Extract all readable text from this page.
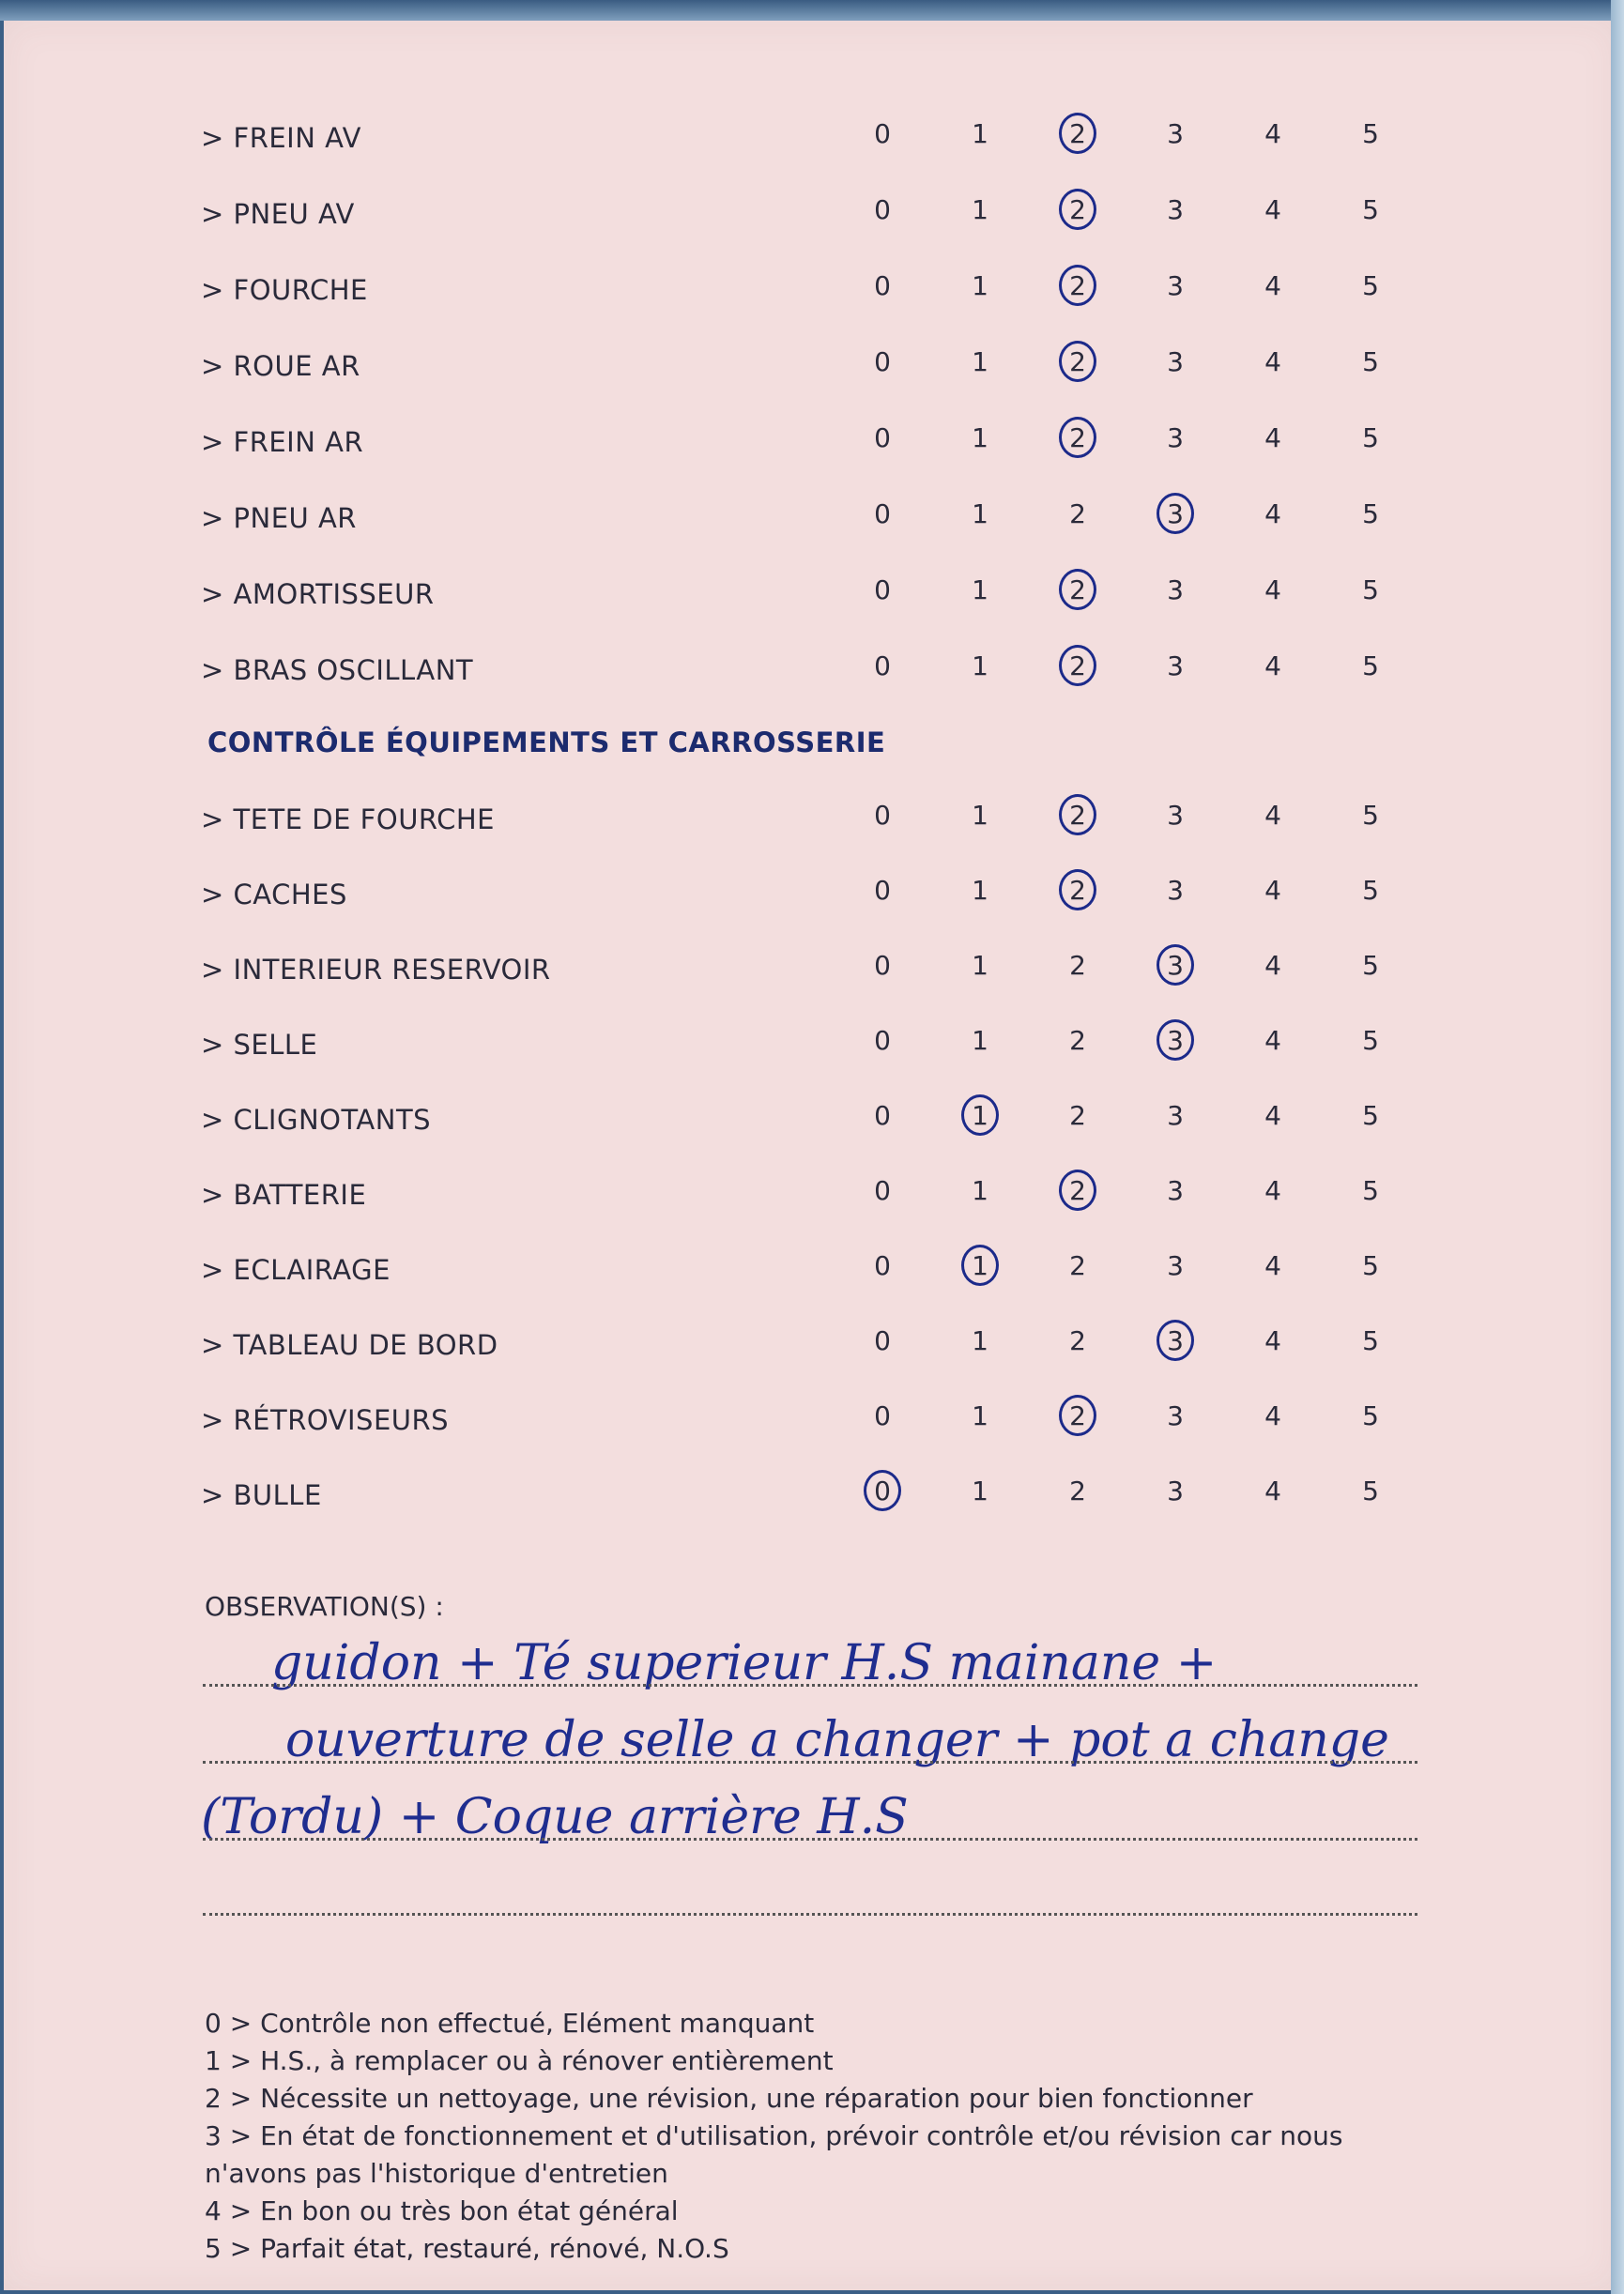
> FREIN AV	0	1	2	3	4	5
> PNEU AV	0	1	2	3	4	5
> FOURCHE	0	1	2	3	4	5
> ROUE AR	0	1	2	3	4	5
> FREIN AR	0	1	2	3	4	5
> PNEU AR	0	1	2	3	4	5
> AMORTISSEUR	0	1	2	3	4	5
> BRAS OSCILLANT	0	1	2	3	4	5
CONTRÔLE ÉQUIPEMENTS ET CARROSSERIE
> TETE DE FOURCHE	0	1	2	3	4	5
> CACHES	0	1	2	3	4	5
> INTERIEUR RESERVOIR	0	1	2	3	4	5
> SELLE	0	1	2	3	4	5
> CLIGNOTANTS	0	1	2	3	4	5
> BATTERIE	0	1	2	3	4	5
> ECLAIRAGE	0	1	2	3	4	5
> TABLEAU DE BORD	0	1	2	3	4	5
> RÉTROVISEURS	0	1	2	3	4	5
> BULLE	0	1	2	3	4	5
OBSERVATION(S) :
guidon + Té superieur H.S mainane +
ouverture de selle a changer + pot a change
(Tordu) + Coque arrière H.S
0 > Contrôle non effectué, Elément manquant
1 > H.S., à remplacer ou à rénover entièrement
2 > Nécessite un nettoyage, une révision, une réparation pour bien fonctionner
3 > En état de fonctionnement et d'utilisation, prévoir contrôle et/ou révision car nous
n'avons pas l'historique d'entretien
4 > En bon ou très bon état général
5 > Parfait état, restauré, rénové, N.O.S
